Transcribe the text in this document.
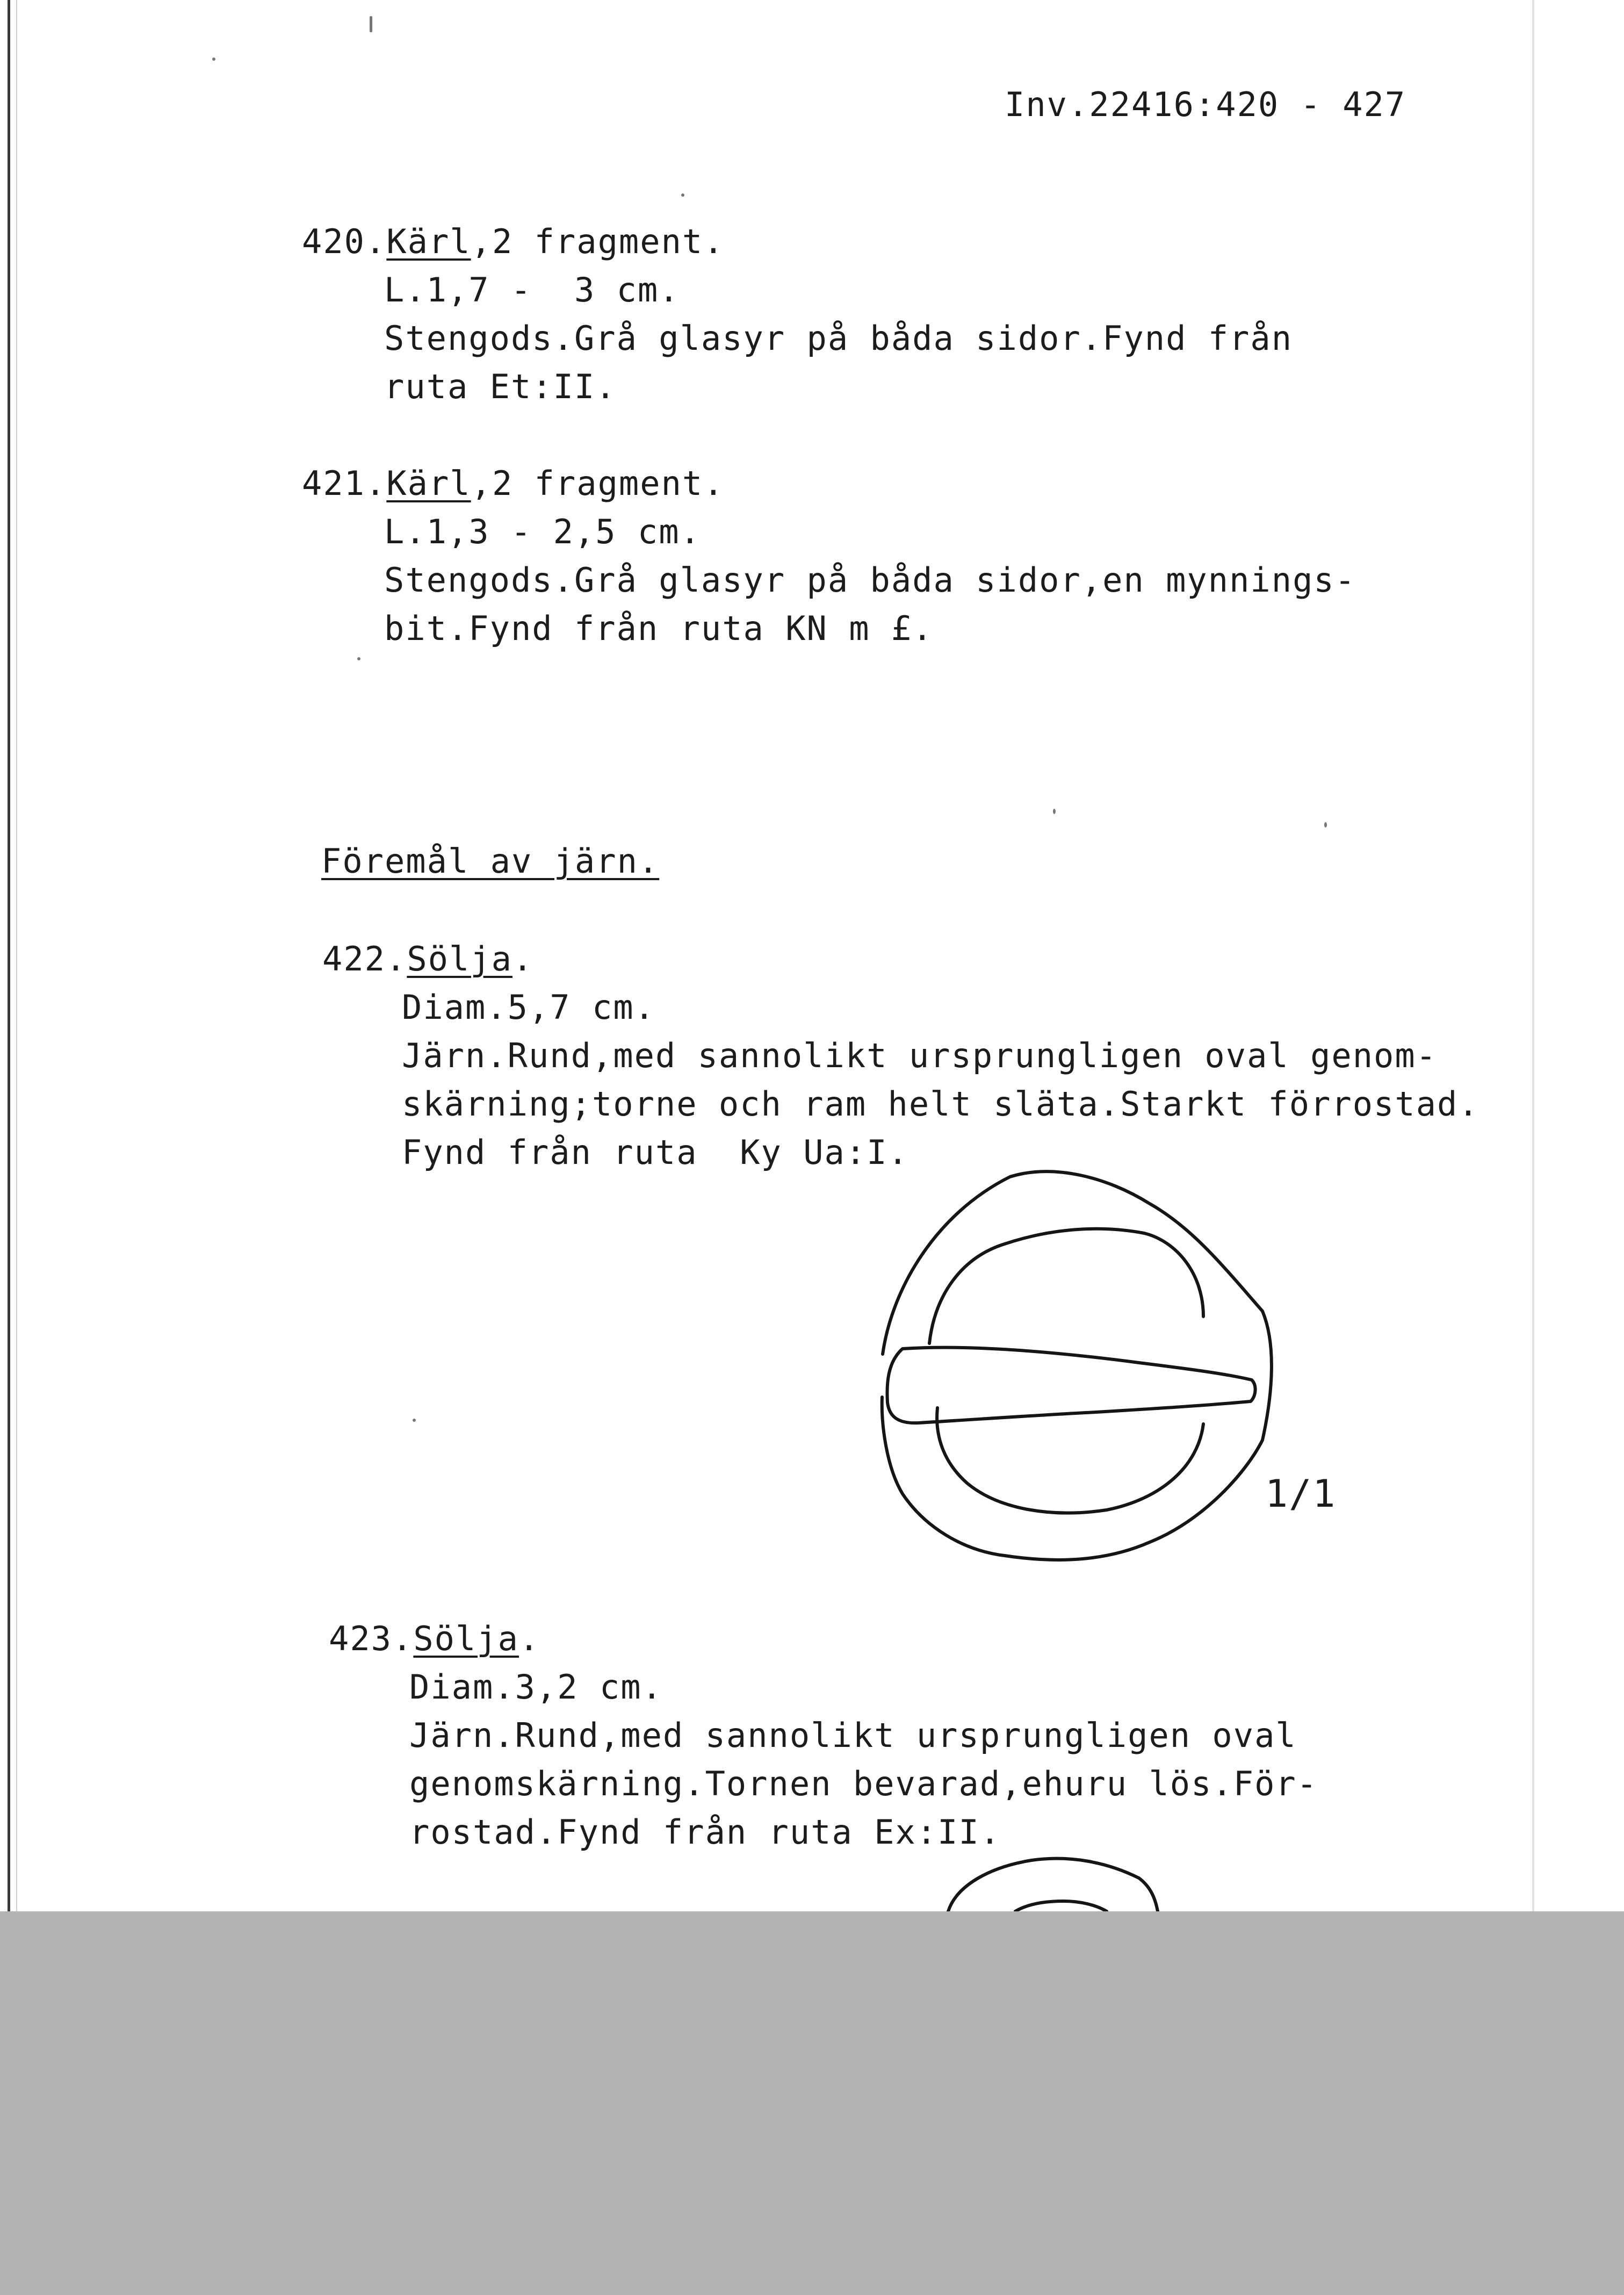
Inv.22416:420 - 427
420.Kärl,2 fragment.
L.1,7 -  3 cm.
Stengods.Grå glasyr på båda sidor.Fynd från
ruta Et:II.
421.Kärl,2 fragment.
L.1,3 - 2,5 cm.
Stengods.Grå glasyr på båda sidor,en mynnings-
bit.Fynd från ruta KN m £.
Föremål av järn.
422.Sölja.
Diam.5,7 cm.
Järn.Rund,med sannolikt ursprungligen oval genom-
skärning;torne och ram helt släta.Starkt förrostad.
Fynd från ruta  Ky Ua:I.
1/1
423.Sölja.
Diam.3,2 cm.
Järn.Rund,med sannolikt ursprungligen oval
genomskärning.Tornen bevarad,ehuru lös.För-
rostad.Fynd från ruta Ex:II.
